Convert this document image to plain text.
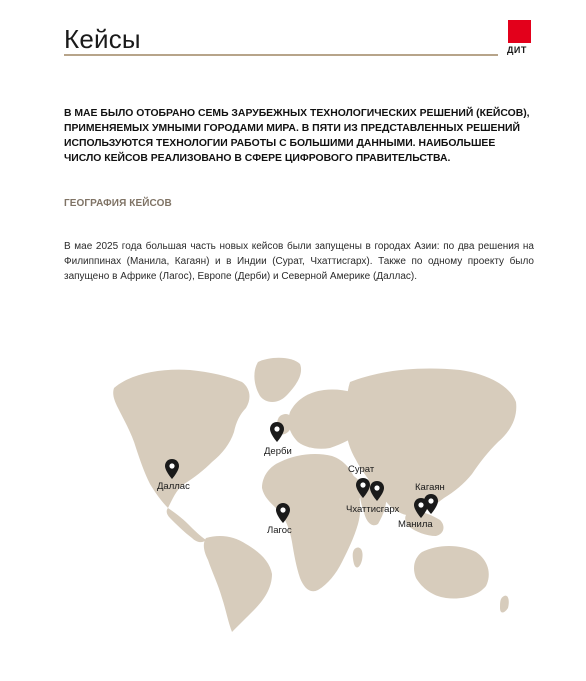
Кейсы	ДИТ
В МАЕ БЫЛО ОТОБРАНО СЕМЬ ЗАРУБЕЖНЫХ ТЕХНОЛОГИЧЕСКИХ РЕШЕНИЙ (КЕЙСОВ), ПРИМЕНЯЕМЫХ УМНЫМИ ГОРОДАМИ МИРА. В ПЯТИ ИЗ ПРЕДСТАВЛЕННЫХ РЕШЕНИЙ ИСПОЛЬЗУЮТСЯ ТЕХНОЛОГИИ РАБОТЫ С БОЛЬШИМИ ДАННЫМИ. НАИБОЛЬШЕЕ ЧИСЛО КЕЙСОВ РЕАЛИЗОВАНО В СФЕРЕ ЦИФРОВОГО ПРАВИТЕЛЬСТВА.
ГЕОГРАФИЯ КЕЙСОВ
В мае 2025 года большая часть новых кейсов были запущены в городах Азии: по два решения на Филиппинах (Манила, Кагаян) и в Индии (Сурат, Чхаттисгарх). Также по одному проекту было запущено в Африке (Лагос), Европе (Дерби) и Северной Америке (Даллас).
Дерби
Даллас
Лагос
Сурат
Чхаттисгарх
Кагаян
Манила
